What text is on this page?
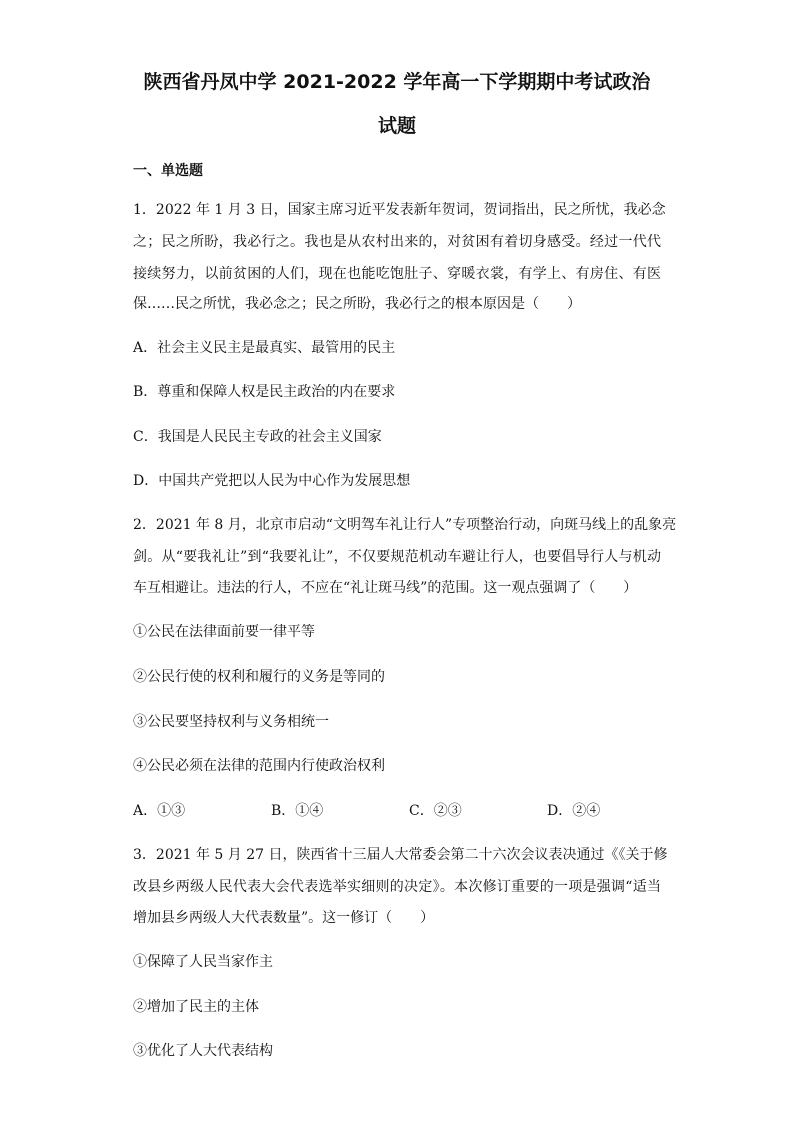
陕西省丹凤中学 2021-2022 学年高一下学期期中考试政治
试题
一、单选题
1．2022 年 1 月 3 日，国家主席习近平发表新年贺词，贺词指出，民之所忧，我必念
之；民之所盼，我必行之。我也是从农村出来的，对贫困有着切身感受。经过一代代
接续努力，以前贫困的人们，现在也能吃饱肚子、穿暖衣裳，有学上、有房住、有医
保……民之所忧，我必念之；民之所盼，我必行之的根本原因是（　　）
A．社会主义民主是最真实、最管用的民主
B．尊重和保障人权是民主政治的内在要求
C．我国是人民民主专政的社会主义国家
D．中国共产党把以人民为中心作为发展思想
2．2021 年 8 月，北京市启动“文明驾车礼让行人”专项整治行动，向斑马线上的乱象亮
剑。从“要我礼让”到“我要礼让”，不仅要规范机动车避让行人，也要倡导行人与机动
车互相避让。违法的行人，不应在“礼让斑马线”的范围。这一观点强调了（　　）
①公民在法律面前要一律平等
②公民行使的权利和履行的义务是等同的
③公民要坚持权利与义务相统一
④公民必须在法律的范围内行使政治权利
A．①③	B．①④	C．②③	D．②④
3．2021 年 5 月 27 日，陕西省十三届人大常委会第二十六次会议表决通过《《关于修
改县乡两级人民代表大会代表选举实细则的决定》。本次修订重要的一项是强调“适当
增加县乡两级人大代表数量”。这一修订（　　）
①保障了人民当家作主
②增加了民主的主体
③优化了人大代表结构
